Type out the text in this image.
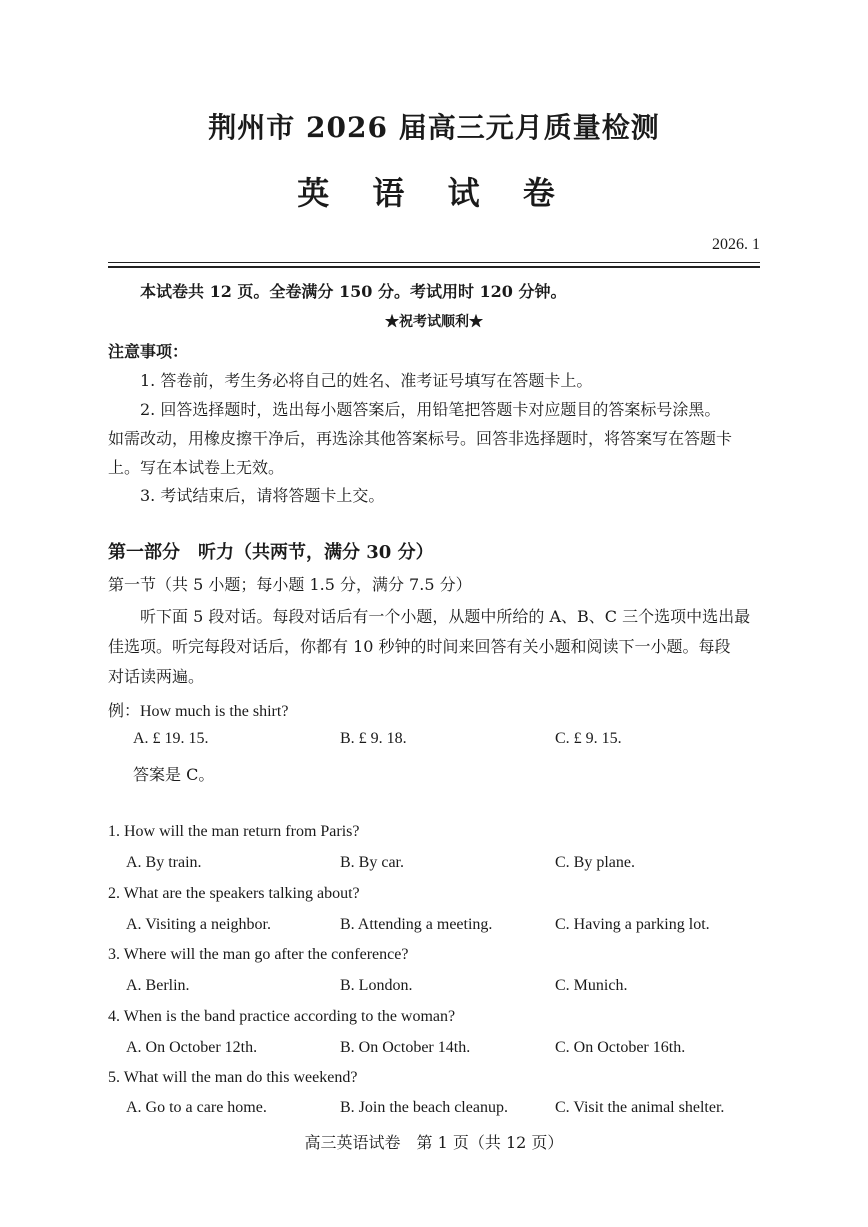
荆州市 2026 届高三元月质量检测
英 语 试 卷
2026. 1
本试卷共 12 页。全卷满分 150 分。考试用时 120 分钟。
★祝考试顺利★
注意事项：
1. 答卷前，考生务必将自己的姓名、准考证号填写在答题卡上。
2. 回答选择题时，选出每小题答案后，用铅笔把答题卡对应题目的答案标号涂黑。
如需改动，用橡皮擦干净后，再选涂其他答案标号。回答非选择题时，将答案写在答题卡
上。写在本试卷上无效。
3. 考试结束后，请将答题卡上交。
第一部分　听力（共两节，满分 30 分）
第一节（共 5 小题；每小题 1.5 分，满分 7.5 分）
听下面 5 段对话。每段对话后有一个小题，从题中所给的 A、B、C 三个选项中选出最
佳选项。听完每段对话后，你都有 10 秒钟的时间来回答有关小题和阅读下一小题。每段
对话读两遍。
例：How much is the shirt?
A. £ 19. 15.	B. £ 9. 18.	C. £ 9. 15.
答案是 C。
1. How will the man return from Paris?
A. By train.	B. By car.	C. By plane.
2. What are the speakers talking about?
A. Visiting a neighbor.	B. Attending a meeting.	C. Having a parking lot.
3. Where will the man go after the conference?
A. Berlin.	B. London.	C. Munich.
4. When is the band practice according to the woman?
A. On October 12th.	B. On October 14th.	C. On October 16th.
5. What will the man do this weekend?
A. Go to a care home.	B. Join the beach cleanup.	C. Visit the animal shelter.
高三英语试卷　第 1 页（共 12 页）
